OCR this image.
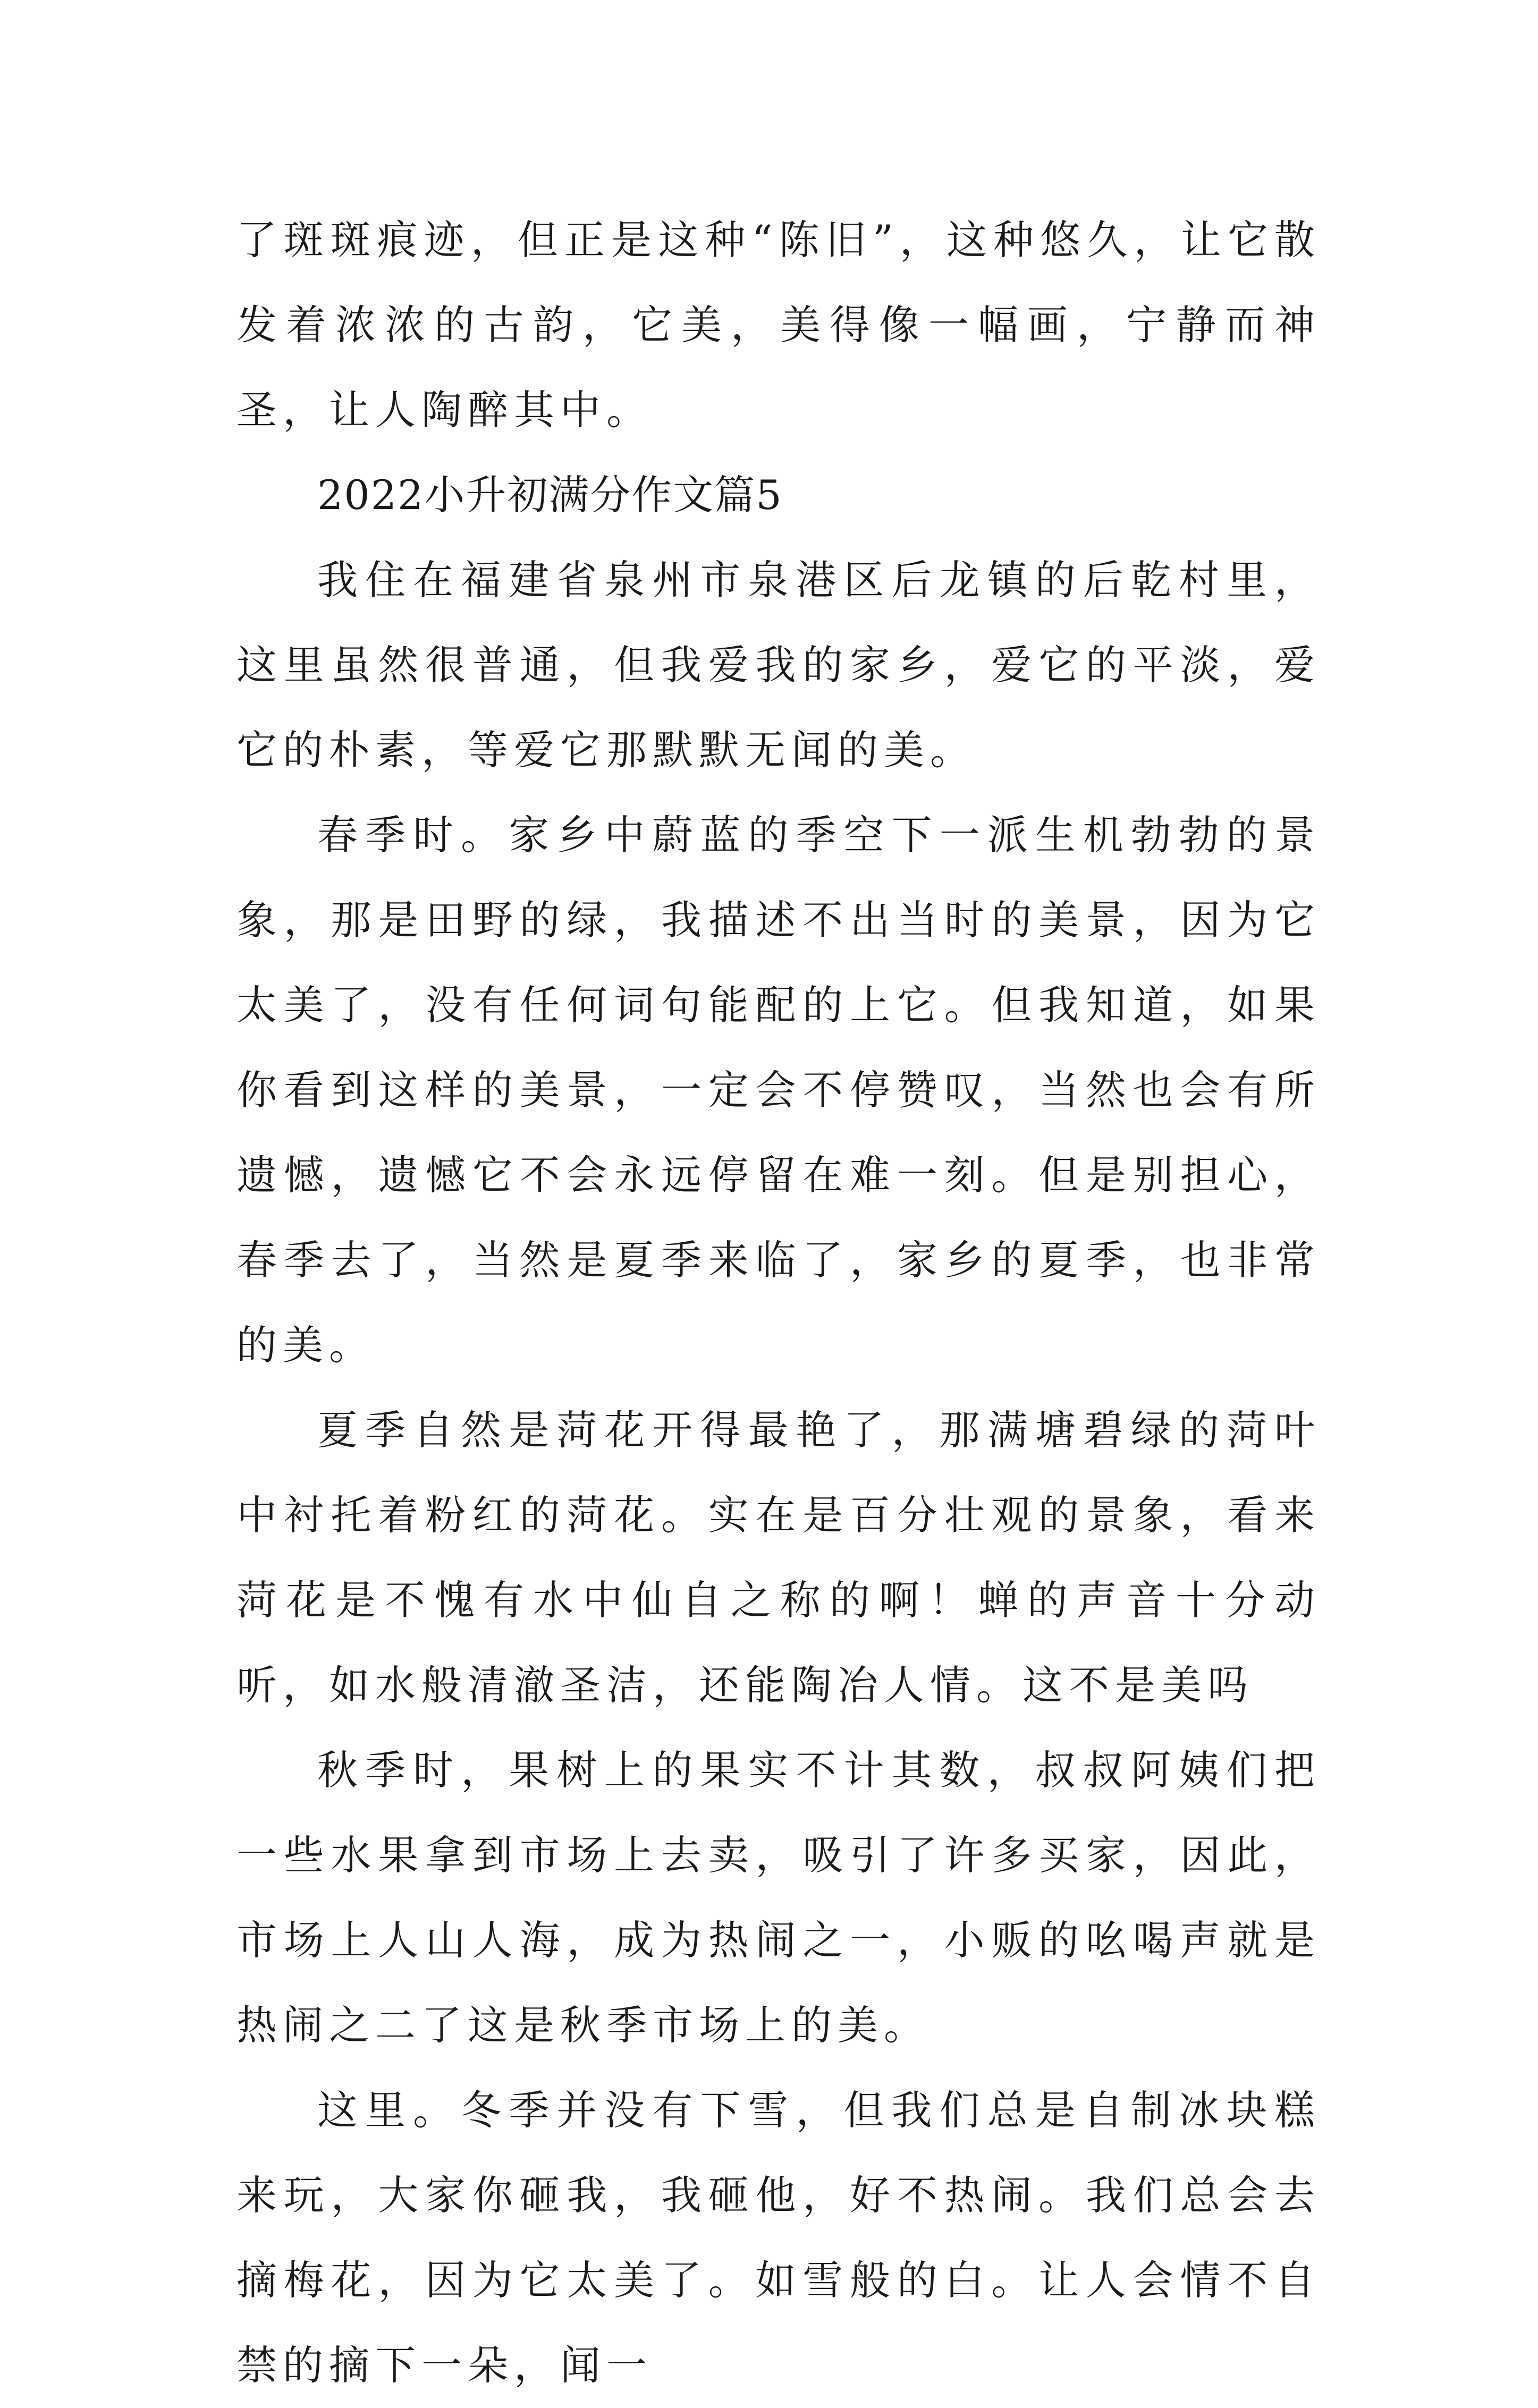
了斑斑痕迹，但正是这种“陈旧”，这种悠久，让它散发着浓浓的古韵，它美，美得像一幅画，宁静而神圣，让人陶醉其中。

2022小升初满分作文篇5

我住在福建省泉州市泉港区后龙镇的后乾村里，这里虽然很普通，但我爱我的家乡，爱它的平淡，爱它的朴素，等爱它那默默无闻的美。

春季时。家乡中蔚蓝的季空下一派生机勃勃的景象，那是田野的绿，我描述不出当时的美景，因为它太美了，没有任何词句能配的上它。但我知道，如果你看到这样的美景，一定会不停赞叹，当然也会有所遗憾，遗憾它不会永远停留在难一刻。但是别担心，春季去了，当然是夏季来临了，家乡的夏季，也非常的美。

夏季自然是菏花开得最艳了，那满塘碧绿的菏叶中衬托着粉红的菏花。实在是百分壮观的景象，看来菏花是不愧有水中仙自之称的啊！蝉的声音十分动听，如水般清澈圣洁，还能陶冶人情。这不是美吗

秋季时，果树上的果实不计其数，叔叔阿姨们把一些水果拿到市场上去卖，吸引了许多买家，因此，市场上人山人海，成为热闹之一，小贩的吆喝声就是热闹之二了这是秋季市场上的美。

这里。冬季并没有下雪，但我们总是自制冰块糕来玩，大家你砸我，我砸他，好不热闹。我们总会去摘梅花，因为它太美了。如雪般的白。让人会情不自禁的摘下一朵，闻一
